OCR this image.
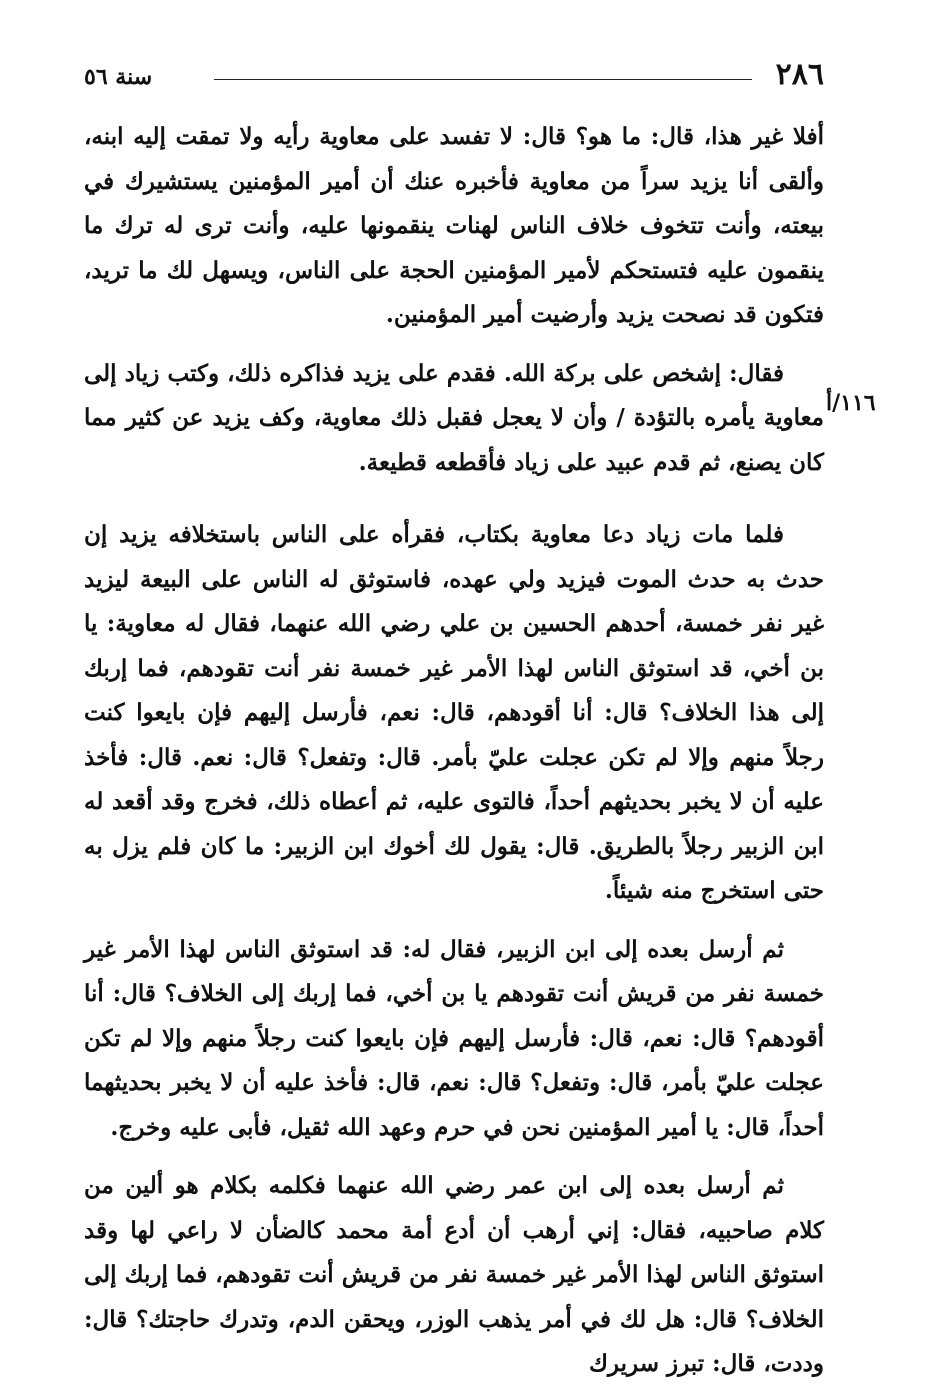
٢٨٦
سنة ٥٦
١١٦/أ

أفلا غير هذا، قال: ما هو؟ قال: لا تفسد على معاوية رأيه ولا تمقت إليه ابنه، وألقى أنا يزيد سراً من معاوية فأخبره عنك أن أمير المؤمنين يستشيرك في بيعته، وأنت تتخوف خلاف الناس لهنات ينقمونها عليه، وأنت ترى له ترك ما ينقمون عليه فتستحكم لأمير المؤمنين الحجة على الناس، ويسهل لك ما تريد، فتكون قد نصحت يزيد وأرضيت أمير المؤمنين.

فقال: إشخص على بركة الله. فقدم على يزيد فذاكره ذلك، وكتب زياد إلى معاوية يأمره بالتؤدة / وأن لا يعجل فقبل ذلك معاوية، وكف يزيد عن كثير مما كان يصنع، ثم قدم عبيد على زياد فأقطعه قطيعة.

فلما مات زياد دعا معاوية بكتاب، فقرأه على الناس باستخلافه يزيد إن حدث به حدث الموت فيزيد ولي عهده، فاستوثق له الناس على البيعة ليزيد غير نفر خمسة، أحدهم الحسين بن علي رضي الله عنهما، فقال له معاوية: يا بن أخي، قد استوثق الناس لهذا الأمر غير خمسة نفر أنت تقودهم، فما إربك إلى هذا الخلاف؟ قال: أنا أقودهم، قال: نعم، فأرسل إليهم فإن بايعوا كنت رجلاً منهم وإلا لم تكن عجلت عليّ بأمر. قال: وتفعل؟ قال: نعم. قال: فأخذ عليه أن لا يخبر بحديثهم أحداً، فالتوى عليه، ثم أعطاه ذلك، فخرج وقد أقعد له ابن الزبير رجلاً بالطريق. قال: يقول لك أخوك ابن الزبير: ما كان فلم يزل به حتى استخرج منه شيئاً.

ثم أرسل بعده إلى ابن الزبير، فقال له: قد استوثق الناس لهذا الأمر غير خمسة نفر من قريش أنت تقودهم يا بن أخي، فما إربك إلى الخلاف؟ قال: أنا أقودهم؟ قال: نعم، قال: فأرسل إليهم فإن بايعوا كنت رجلاً منهم وإلا لم تكن عجلت عليّ بأمر، قال: وتفعل؟ قال: نعم، قال: فأخذ عليه أن لا يخبر بحديثهما أحداً، قال: يا أمير المؤمنين نحن في حرم وعهد الله ثقيل، فأبى عليه وخرج.

ثم أرسل بعده إلى ابن عمر رضي الله عنهما فكلمه بكلام هو ألين من كلام صاحبيه، فقال: إني أرهب أن أدع أمة محمد كالضأن لا راعي لها وقد استوثق الناس لهذا الأمر غير خمسة نفر من قريش أنت تقودهم، فما إربك إلى الخلاف؟ قال: هل لك في أمر يذهب الوزر، ويحقن الدم، وتدرك حاجتك؟ قال: وددت، قال: تبرز سريرك
